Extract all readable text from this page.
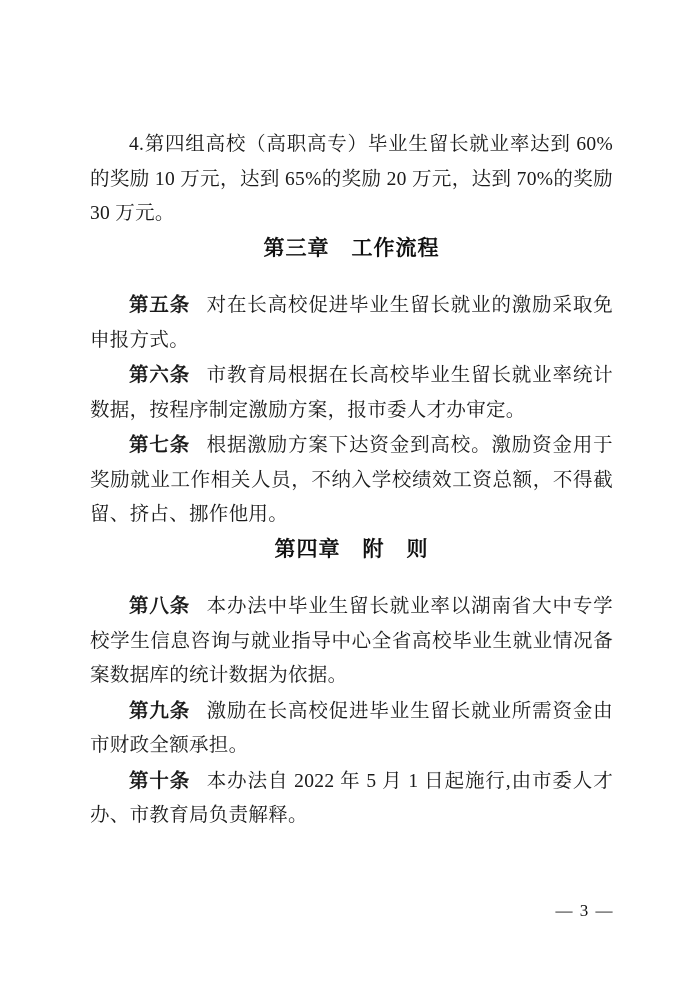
4.第四组高校（高职高专）毕业生留长就业率达到 60%的奖励 10 万元，达到 65%的奖励 20 万元，达到 70%的奖励 30 万元。

第三章　工作流程

第五条 对在长高校促进毕业生留长就业的激励采取免申报方式。

第六条 市教育局根据在长高校毕业生留长就业率统计数据，按程序制定激励方案，报市委人才办审定。

第七条 根据激励方案下达资金到高校。激励资金用于奖励就业工作相关人员，不纳入学校绩效工资总额，不得截留、挤占、挪作他用。

第四章　附　则

第八条 本办法中毕业生留长就业率以湖南省大中专学校学生信息咨询与就业指导中心全省高校毕业生就业情况备案数据库的统计数据为依据。

第九条 激励在长高校促进毕业生留长就业所需资金由市财政全额承担。

第十条 本办法自 2022 年 5 月 1 日起施行,由市委人才办、市教育局负责解释。

— 3 —
